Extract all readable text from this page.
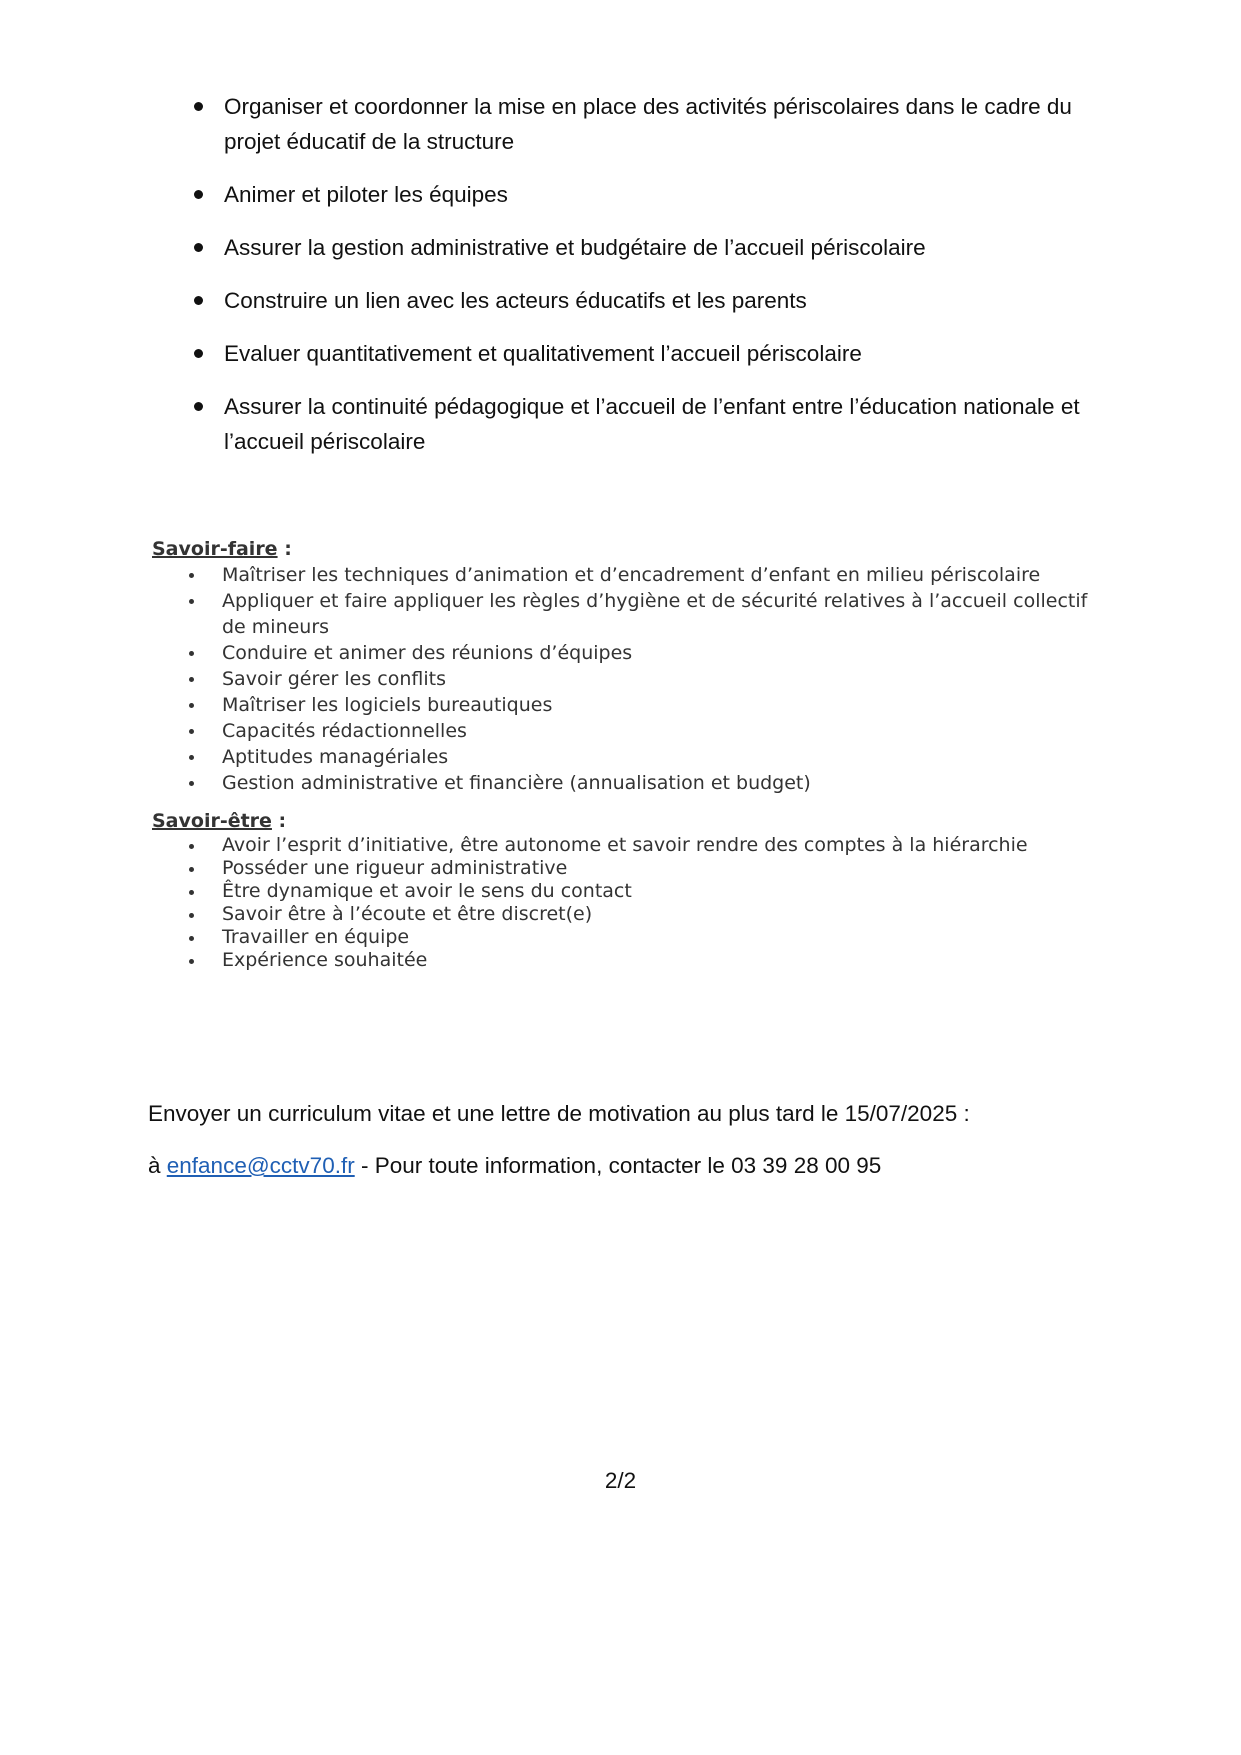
Organiser et coordonner la mise en place des activités périscolaires dans le cadre du projet éducatif de la structure
Animer et piloter les équipes
Assurer la gestion administrative et budgétaire de l’accueil périscolaire
Construire un lien avec les acteurs éducatifs et les parents
Evaluer quantitativement et qualitativement l’accueil périscolaire
Assurer la continuité pédagogique et l’accueil de l’enfant entre l’éducation nationale et l’accueil périscolaire

Savoir-faire :

Maîtriser les techniques d’animation et d’encadrement d’enfant en milieu périscolaire
Appliquer et faire appliquer les règles d’hygiène et de sécurité relatives à l’accueil collectif de mineurs
Conduire et animer des réunions d’équipes
Savoir gérer les conflits
Maîtriser les logiciels bureautiques
Capacités rédactionnelles
Aptitudes managériales
Gestion administrative et financière (annualisation et budget)

Savoir-être :

Avoir l’esprit d’initiative, être autonome et savoir rendre des comptes à la hiérarchie
Posséder une rigueur administrative
Être dynamique et avoir le sens du contact
Savoir être à l’écoute et être discret(e)
Travailler en équipe
Expérience souhaitée

Envoyer un curriculum vitae et une lettre de motivation au plus tard le 15/07/2025 :

à enfance@cctv70.fr - Pour toute information, contacter le 03 39 28 00 95

2/2
